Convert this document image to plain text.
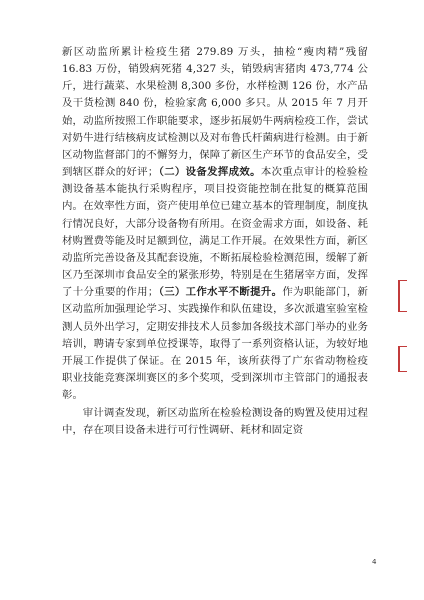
新区动监所累计检疫生猪 279.89 万头，抽检“瘦肉精”残留 16.83 万份，销毁病死猪 4,327 头，销毁病害猪肉 473,774 公斤，进行蔬菜、水果检测 8,300 多份，水样检测 126 份，水产品及干货检测 840 份，检验家禽 6,000 多只。从 2015 年 7 月开始，动监所按照工作职能要求，逐步拓展奶牛两病检疫工作，尝试对奶牛进行结核病皮试检测以及对布鲁氏杆菌病进行检测。由于新区动物监督部门的不懈努力，保障了新区生产环节的食品安全，受到辖区群众的好评；（二）设备发挥成效。本次重点审计的检验检测设备基本能执行采购程序，项目投资能控制在批复的概算范围内。在效率性方面，资产使用单位已建立基本的管理制度，制度执行情况良好，大部分设备物有所用。在资金需求方面，如设备、耗材购置费等能及时足额到位，满足工作开展。在效果性方面，新区动监所完善设备及其配套设施，不断拓展检验检测范围，缓解了新区乃至深圳市食品安全的紧张形势，特别是在生猪屠宰方面，发挥了十分重要的作用；（三）工作水平不断提升。作为职能部门，新区动监所加强理论学习、实践操作和队伍建设，多次派遣室验室检测人员外出学习，定期安排技术人员参加各级技术部门举办的业务培训，聘请专家到单位授课等，取得了一系列资格认证，为较好地开展工作提供了保证。在 2015 年，该所获得了广东省动物检疫职业技能竞赛深圳赛区的多个奖项，受到深圳市主管部门的通报表彰。

审计调查发现，新区动监所在检验检测设备的购置及使用过程中，存在项目设备未进行可行性调研、耗材和固定资

4
